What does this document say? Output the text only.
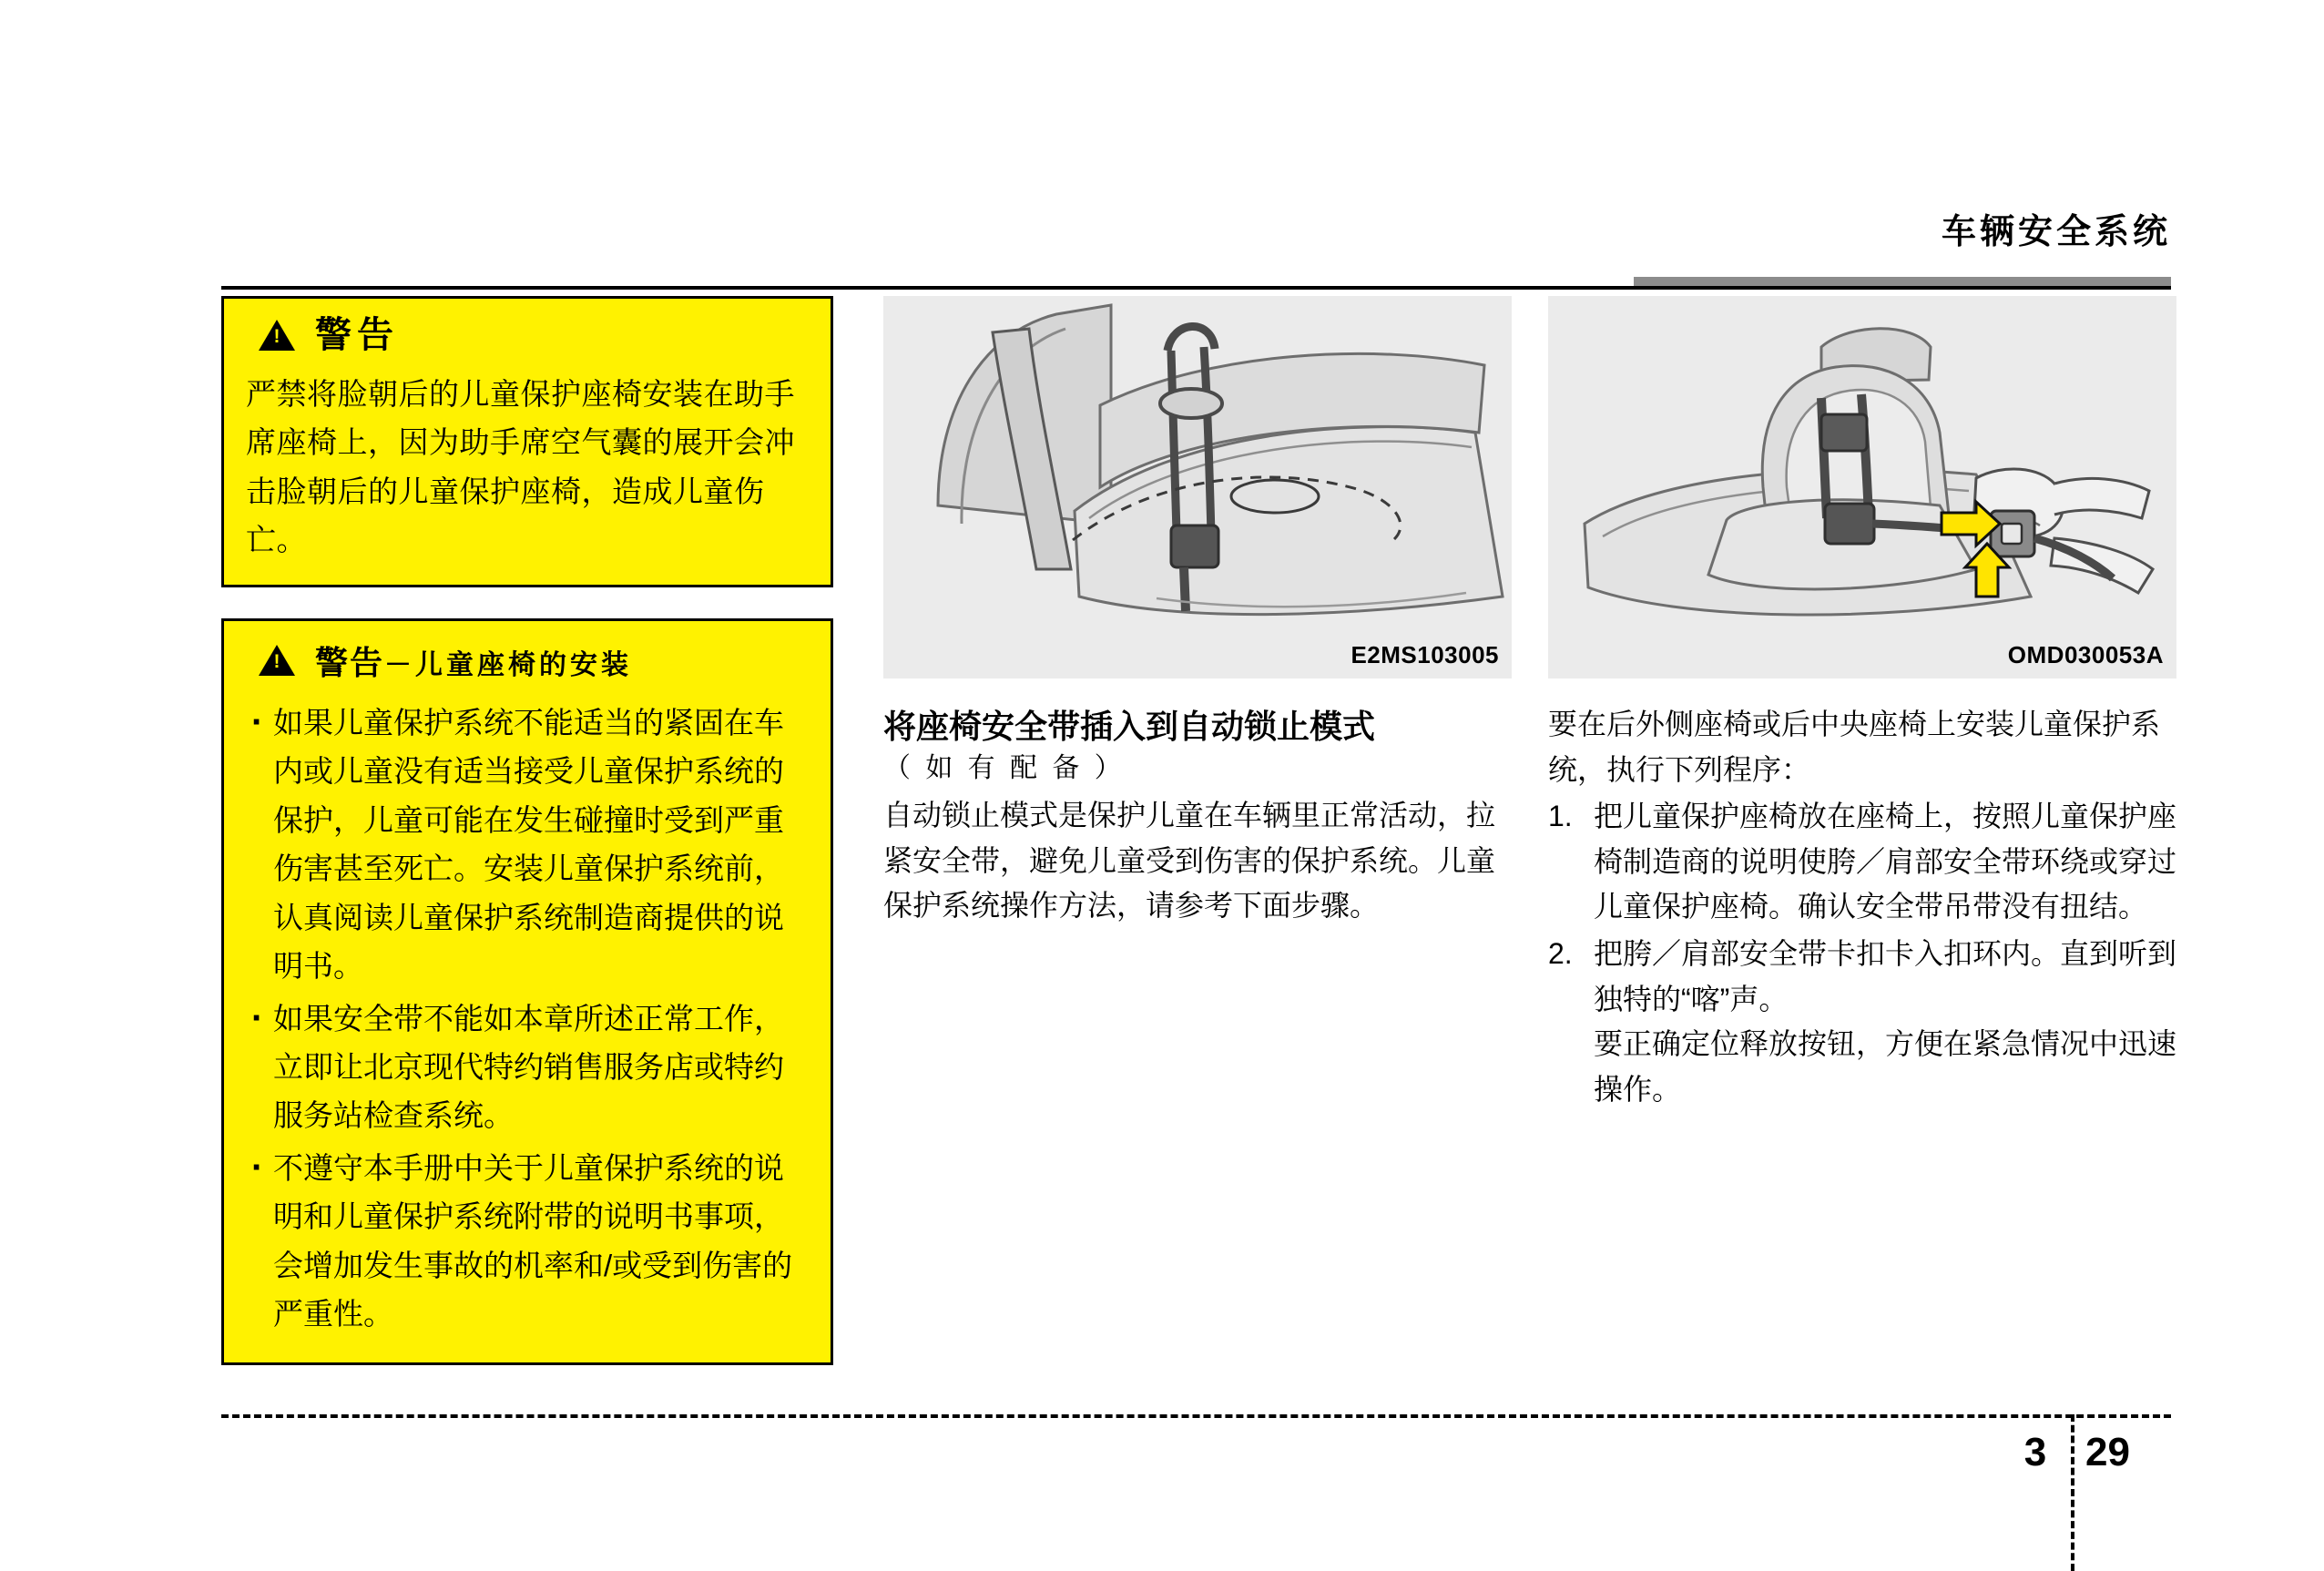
车辆安全系统
!
警告
严禁将脸朝后的儿童保护座椅安装在助手席座椅上，因为助手席空气囊的展开会冲击脸朝后的儿童保护座椅，造成儿童伤亡。
!
警告－儿童座椅的安装
· 如果儿童保护系统不能适当的紧固在车内或儿童没有适当接受儿童保护系统的保护，儿童可能在发生碰撞时受到严重伤害甚至死亡。安装儿童保护系统前，认真阅读儿童保护系统制造商提供的说明书。
· 如果安全带不能如本章所述正常工作，立即让北京现代特约销售服务店或特约服务站检查系统。
· 不遵守本手册中关于儿童保护系统的说明和儿童保护系统附带的说明书事项，会增加发生事故的机率和/或受到伤害的严重性。
E2MS103005
将座椅安全带插入到自动锁止模式
（ 如 有 配 备 ）
自动锁止模式是保护儿童在车辆里正常活动，拉紧安全带，避免儿童受到伤害的保护系统。儿童保护系统操作方法，请参考下面步骤。
OMD030053A
要在后外侧座椅或后中央座椅上安装儿童保护系统，执行下列程序：
1. 把儿童保护座椅放在座椅上，按照儿童保护座椅制造商的说明使胯／肩部安全带环绕或穿过儿童保护座椅。确认安全带吊带没有扭结。
2. 把胯／肩部安全带卡扣卡入扣环内。直到听到独特的“喀”声。
要正确定位释放按钮，方便在紧急情况中迅速操作。
3 29
